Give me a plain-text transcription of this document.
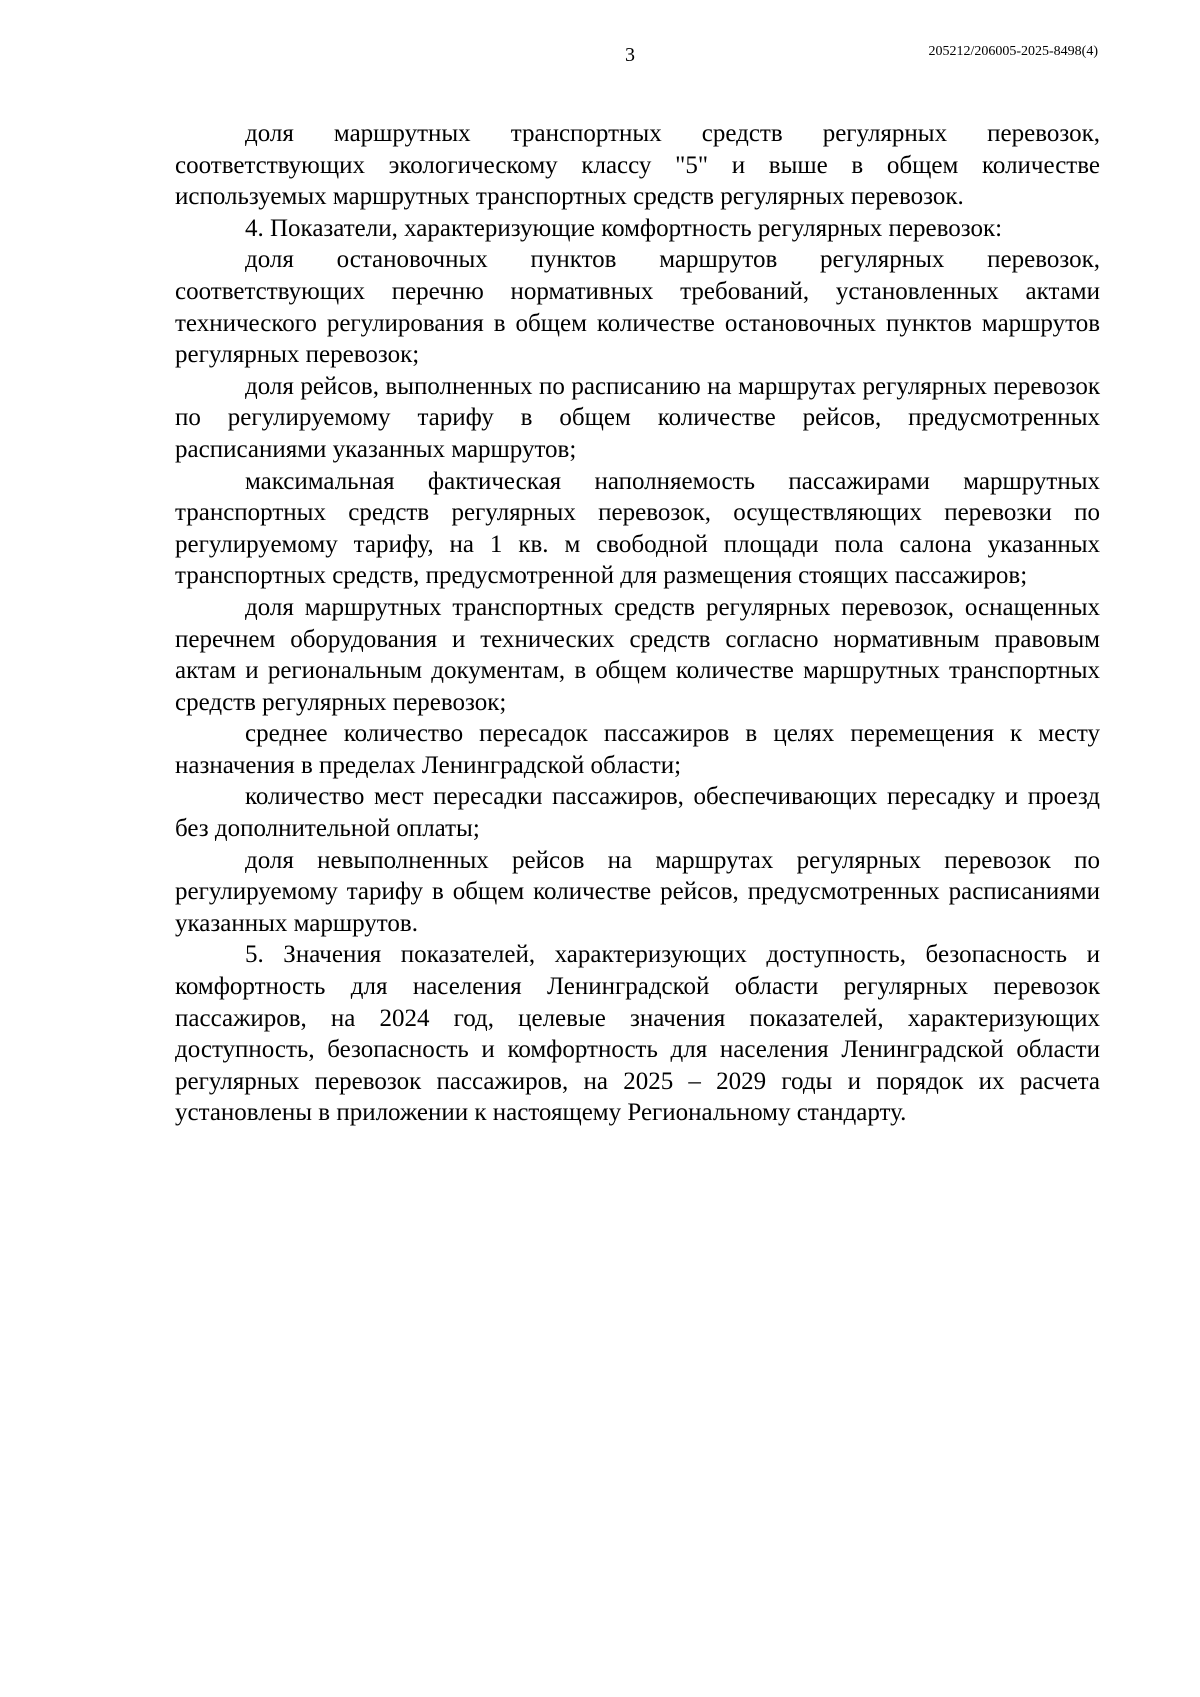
3	205212/206005-2025-8498(4)

доля маршрутных транспортных средств регулярных перевозок, соответствующих экологическому классу "5" и выше в общем количестве используемых маршрутных транспортных средств регулярных перевозок.

4. Показатели, характеризующие комфортность регулярных перевозок:

доля остановочных пунктов маршрутов регулярных перевозок, соответствующих перечню нормативных требований, установленных актами технического регулирования в общем количестве остановочных пунктов маршрутов регулярных перевозок;

доля рейсов, выполненных по расписанию на маршрутах регулярных перевозок по регулируемому тарифу в общем количестве рейсов, предусмотренных расписаниями указанных маршрутов;

максимальная фактическая наполняемость пассажирами маршрутных транспортных средств регулярных перевозок, осуществляющих перевозки по регулируемому тарифу, на 1 кв. м свободной площади пола салона указанных транспортных средств, предусмотренной для размещения стоящих пассажиров;

доля маршрутных транспортных средств регулярных перевозок, оснащенных перечнем оборудования и технических средств согласно нормативным правовым актам и региональным документам, в общем количестве маршрутных транспортных средств регулярных перевозок;

среднее количество пересадок пассажиров в целях перемещения к месту назначения в пределах Ленинградской области;

количество мест пересадки пассажиров, обеспечивающих пересадку и проезд без дополнительной оплаты;

доля невыполненных рейсов на маршрутах регулярных перевозок по регулируемому тарифу в общем количестве рейсов, предусмотренных расписаниями указанных маршрутов.

5. Значения показателей, характеризующих доступность, безопасность и комфортность для населения Ленинградской области регулярных перевозок пассажиров, на 2024 год, целевые значения показателей, характеризующих доступность, безопасность и комфортность для населения Ленинградской области регулярных перевозок пассажиров, на 2025 – 2029 годы и порядок их расчета установлены в приложении к настоящему Региональному стандарту.
